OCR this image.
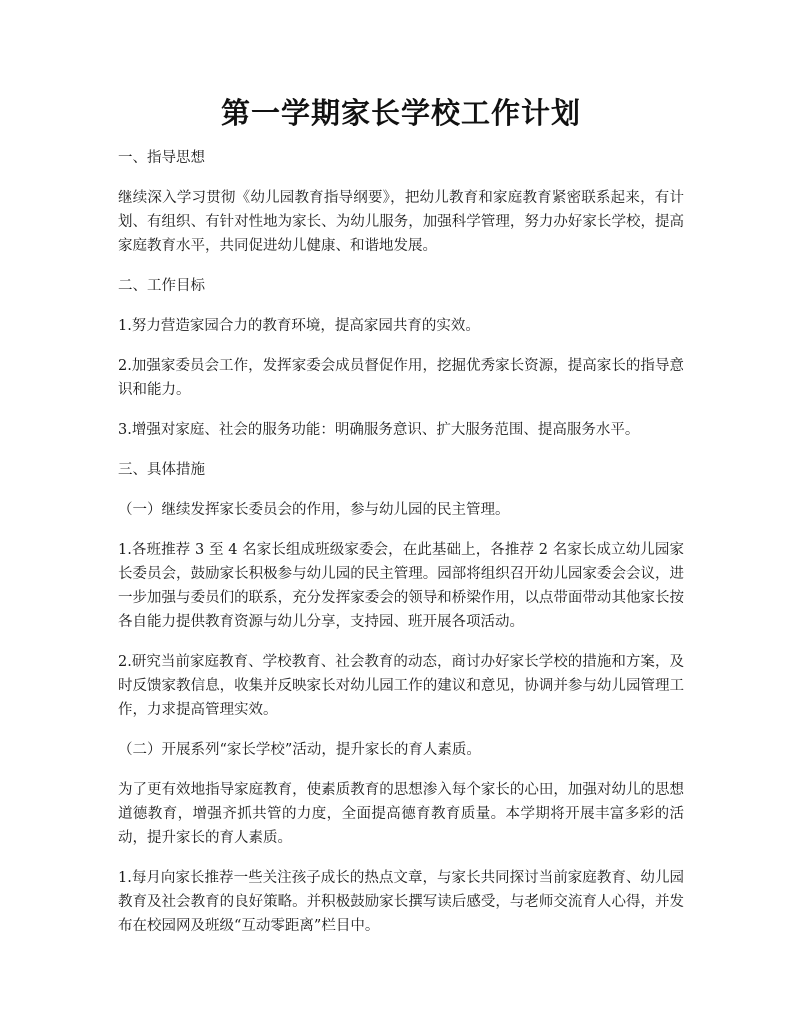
第一学期家长学校工作计划

一、指导思想

继续深入学习贯彻《幼儿园教育指导纲要》，把幼儿教育和家庭教育紧密联系起来，有计划、有组织、有针对性地为家长、为幼儿服务，加强科学管理，努力办好家长学校，提高家庭教育水平，共同促进幼儿健康、和谐地发展。

二、工作目标

1.努力营造家园合力的教育环境，提高家园共育的实效。

2.加强家委员会工作，发挥家委会成员督促作用，挖掘优秀家长资源，提高家长的指导意识和能力。

3.增强对家庭、社会的服务功能：明确服务意识、扩大服务范围、提高服务水平。

三、具体措施

（一）继续发挥家长委员会的作用，参与幼儿园的民主管理。

1.各班推荐 3 至 4 名家长组成班级家委会，在此基础上，各推荐 2 名家长成立幼儿园家长委员会，鼓励家长积极参与幼儿园的民主管理。园部将组织召开幼儿园家委会会议，进一步加强与委员们的联系，充分发挥家委会的领导和桥梁作用，以点带面带动其他家长按各自能力提供教育资源与幼儿分享，支持园、班开展各项活动。

2.研究当前家庭教育、学校教育、社会教育的动态，商讨办好家长学校的措施和方案，及时反馈家教信息，收集并反映家长对幼儿园工作的建议和意见，协调并参与幼儿园管理工作，力求提高管理实效。

（二）开展系列“家长学校”活动，提升家长的育人素质。

为了更有效地指导家庭教育，使素质教育的思想渗入每个家长的心田，加强对幼儿的思想道德教育，增强齐抓共管的力度，全面提高德育教育质量。本学期将开展丰富多彩的活动，提升家长的育人素质。

1.每月向家长推荐一些关注孩子成长的热点文章，与家长共同探讨当前家庭教育、幼儿园教育及社会教育的良好策略。并积极鼓励家长撰写读后感受，与老师交流育人心得，并发布在校园网及班级“互动零距离”栏目中。
